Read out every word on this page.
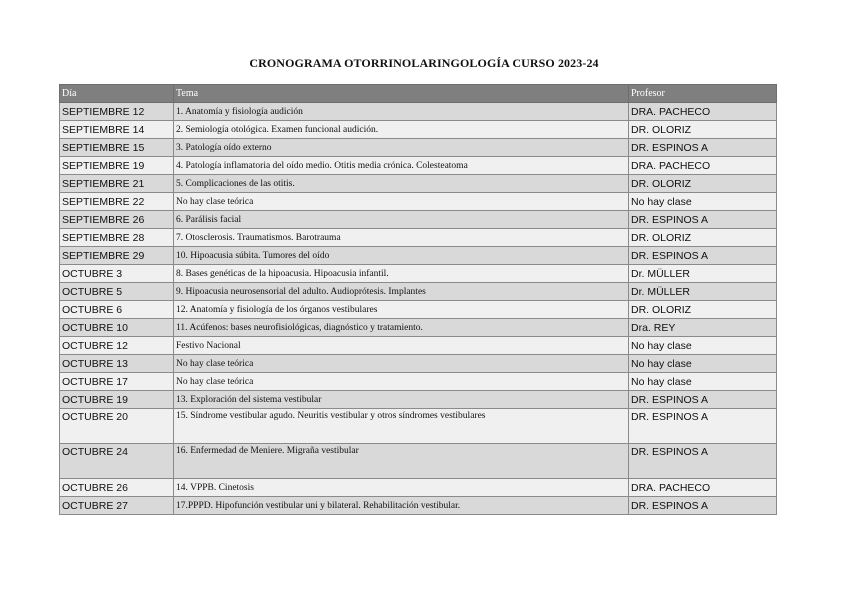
CRONOGRAMA OTORRINOLARINGOLOGÍA CURSO 2023-24
Día	Tema	Profesor
SEPTIEMBRE 12	1. Anatomía y fisiología audición	DRA. PACHECO
SEPTIEMBRE 14	2. Semiología otológica. Examen funcional audición.	DR. OLORIZ
SEPTIEMBRE 15	3. Patología oído externo	DR. ESPINOS A
SEPTIEMBRE 19	4. Patología inflamatoria del oído medio. Otitis media crónica. Colesteatoma	DRA. PACHECO
SEPTIEMBRE 21	5. Complicaciones de las otitis.	DR. OLORIZ
SEPTIEMBRE 22	No hay clase teórica	No hay clase
SEPTIEMBRE 26	6. Parálisis facial	DR. ESPINOS A
SEPTIEMBRE 28	7. Otosclerosis. Traumatismos. Barotrauma	DR. OLORIZ
SEPTIEMBRE 29	10. Hipoacusia súbita. Tumores del oído	DR. ESPINOS A
OCTUBRE 3	8. Bases genéticas de la hipoacusia. Hipoacusia infantil.	Dr. MÜLLER
OCTUBRE 5	9. Hipoacusia neurosensorial del adulto. Audioprótesis. Implantes	Dr. MÜLLER
OCTUBRE 6	12. Anatomía y fisiología de los órganos vestibulares	DR. OLORIZ
OCTUBRE 10	11. Acúfenos: bases neurofisiológicas, diagnóstico y tratamiento.	Dra. REY
OCTUBRE 12	Festivo Nacional	No hay clase
OCTUBRE 13	No hay clase teórica	No hay clase
OCTUBRE 17	No hay clase teórica	No hay clase
OCTUBRE 19	13. Exploración del sistema vestibular	DR. ESPINOS A
OCTUBRE 20	15. Síndrome vestibular agudo. Neuritis vestibular y otros síndromes vestibulares	DR. ESPINOS A
OCTUBRE 24	16. Enfermedad de Meniere. Migraña vestibular	DR. ESPINOS A
OCTUBRE 26	14. VPPB. Cinetosis	DRA. PACHECO
OCTUBRE 27	17.PPPD. Hipofunción vestibular uni y bilateral. Rehabilitación vestibular.	DR. ESPINOS A
